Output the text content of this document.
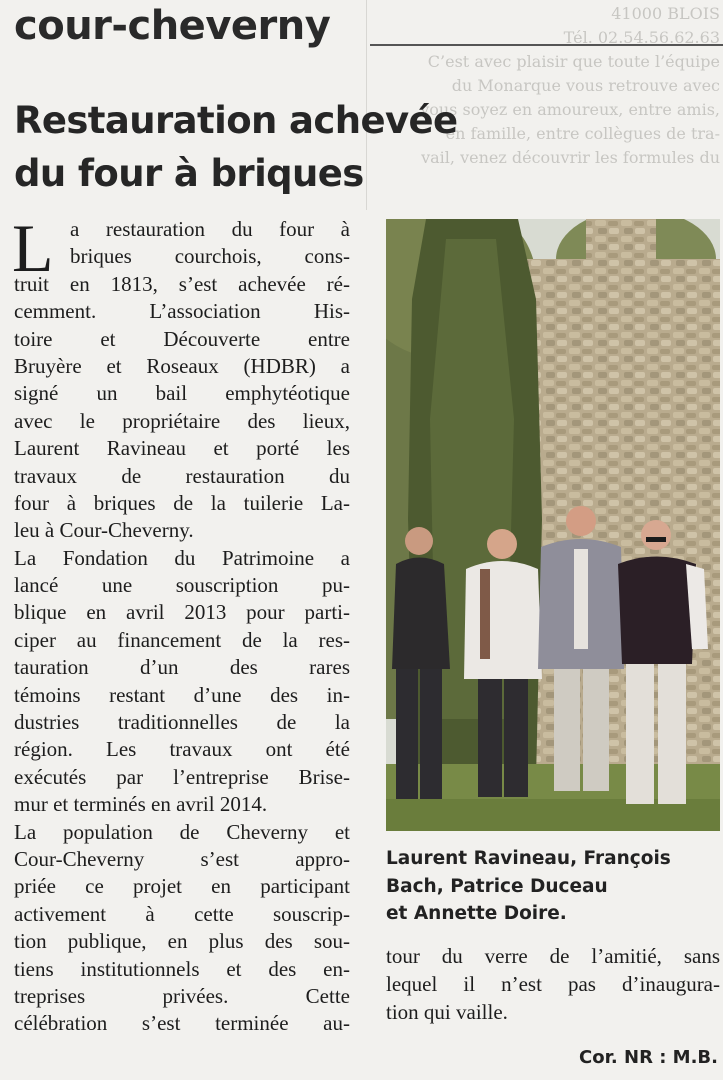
41000 BLOIS
Tél. 02.54.56.62.63
C’est avec plaisir que toute l’équipe
du Monarque vous retrouve avec
vous soyez en amoureux, entre amis,
en famille, entre collègues de tra-
vail, venez découvrir les formules du
cour-cheverny
Restauration achevée
du four à briques
L a restauration du four à
briques courchois, cons-
truit en 1813, s’est achevée ré-
cemment. L’association His-
toire et Découverte entre
Bruyère et Roseaux (HDBR) a
signé un bail emphytéotique
avec le propriétaire des lieux,
Laurent Ravineau et porté les
travaux de restauration du
four à briques de la tuilerie La-
leu à Cour-Cheverny.
La Fondation du Patrimoine a
lancé une souscription pu-
blique en avril 2013 pour parti-
ciper au financement de la res-
tauration d’un des rares
témoins restant d’une des in-
dustries traditionnelles de la
région. Les travaux ont été
exécutés par l’entreprise Brise-
mur et terminés en avril 2014.
La population de Cheverny et
Cour-Cheverny s’est appro-
priée ce projet en participant
activement à cette souscrip-
tion publique, en plus des sou-
tiens institutionnels et des en-
treprises privées. Cette
célébration s’est terminée au-
Laurent Ravineau, François
Bach, Patrice Duceau
et Annette Doire.
tour du verre de l’amitié, sans
lequel il n’est pas d’inaugura-
tion qui vaille.
Cor. NR : M.B.
